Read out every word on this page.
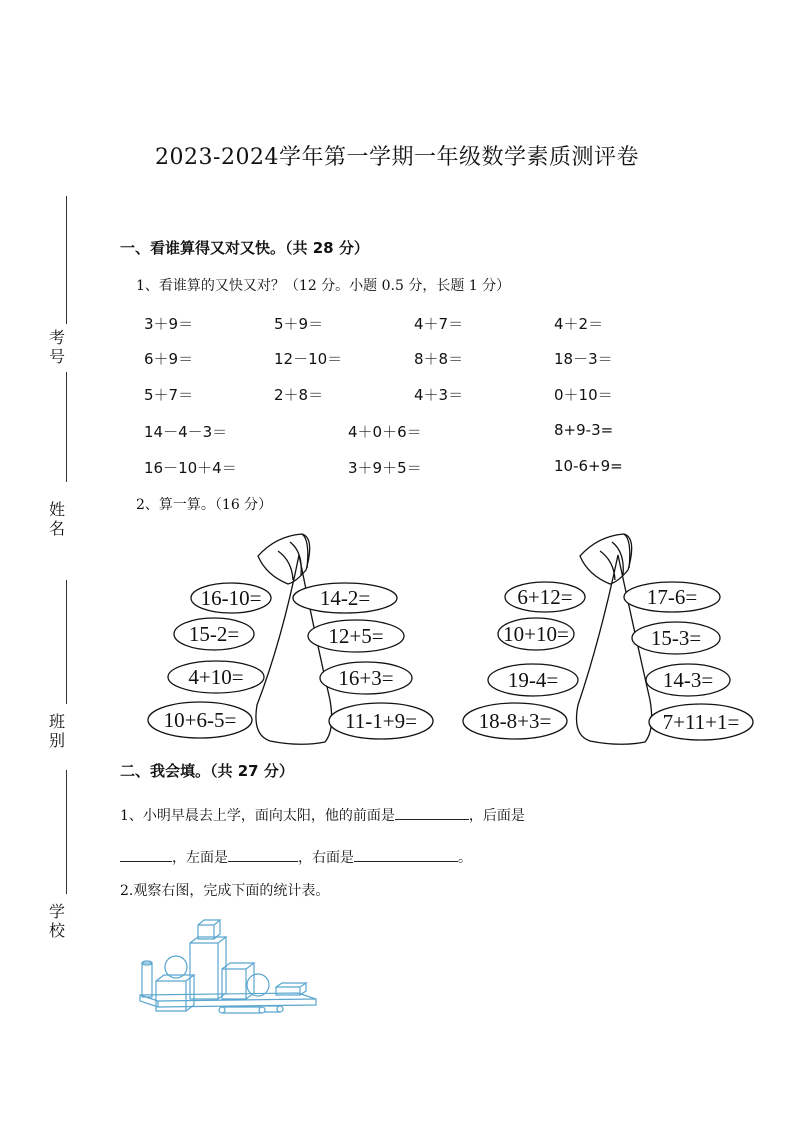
2023-2024学年第一学期一年级数学素质测评卷
考号
姓名
班别
学校
一、看谁算得又对又快。（共 28 分）
1、看谁算的又快又对？（12 分。小题 0.5 分，长题 1 分）
3＋9＝	5＋9＝	4＋7＝	4＋2＝
6＋9＝	12－10＝	8＋8＝	18－3＝
5＋7＝	2＋8＝	4＋3＝	0＋10＝
14－4－3＝	4＋0＋6＝	8+9-3=
16－10＋4＝	3＋9＋5＝	10-6+9=
2、算一算。（16 分）
16-10=
15-2=
4+10=
10+6-5=
14-2=
12+5=
16+3=
11-1+9=
6+12=
10+10=
19-4=
18-8+3=
17-6=
15-3=
14-3=
7+11+1=
二、我会填。（共 27 分）
1、小明早晨去上学，面向太阳，他的前面是	，后面是
，左面是	，右面是	。
2.观察右图，完成下面的统计表。
